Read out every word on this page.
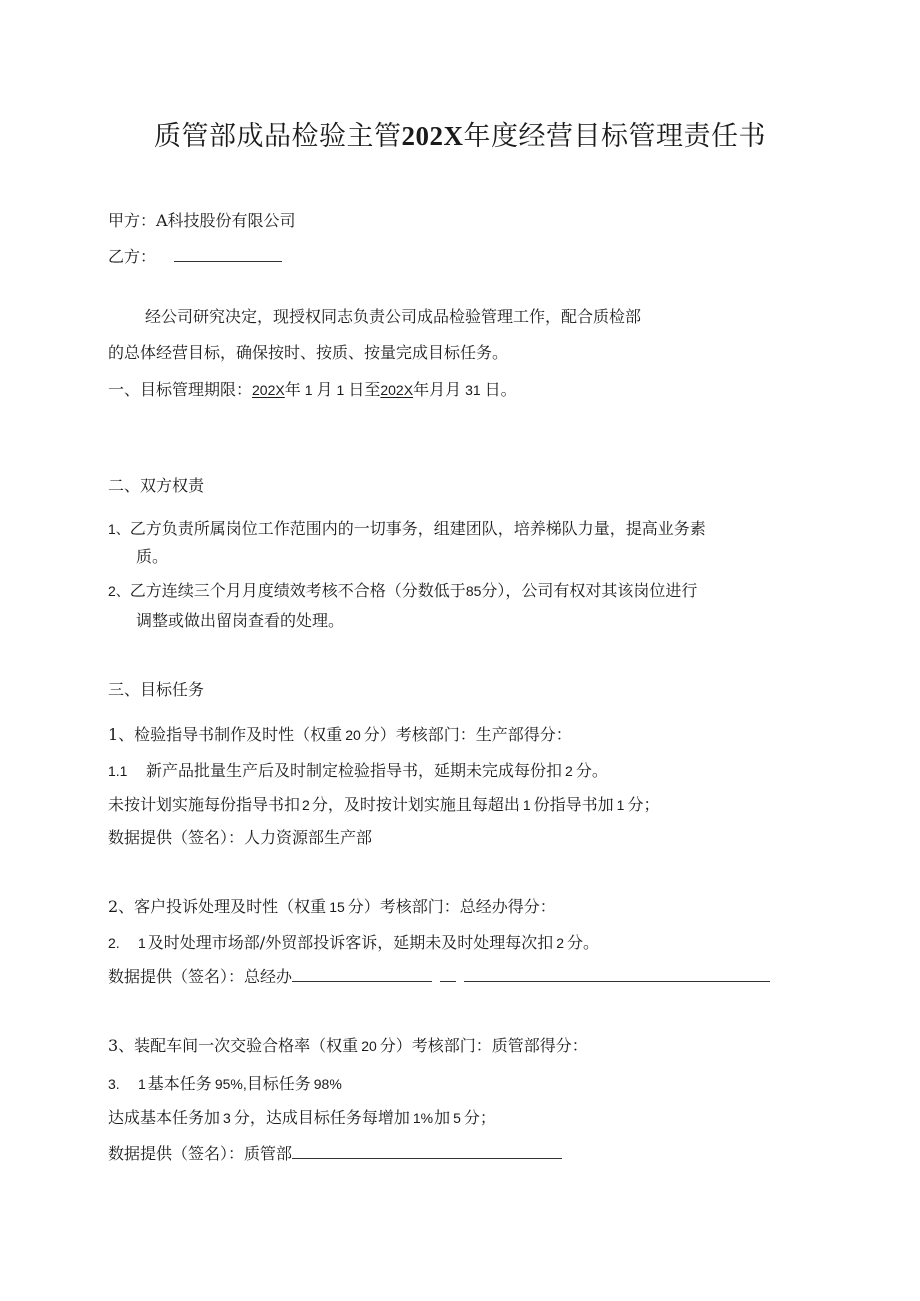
质管部成品检验主管202X年度经营目标管理责任书
甲方：A科技股份有限公司
乙方：
经公司研究决定，现授权同志负责公司成品检验管理工作，配合质检部
的总体经营目标，确保按时、按质、按量完成目标任务。
一、目标管理期限：202X年 1 月 1 日至202X年月月 31 日。
二、双方权责
1、乙方负责所属岗位工作范围内的一切事务，组建团队，培养梯队力量，提高业务素
质。
2、乙方连续三个月月度绩效考核不合格（分数低于85分），公司有权对其该岗位进行
调整或做出留岗查看的处理。
三、目标任务
1、检验指导书制作及时性（权重 20 分）考核部门：生产部得分：
1.1 新产品批量生产后及时制定检验指导书，延期未完成每份扣 2 分。
未按计划实施每份指导书扣 2 分，及时按计划实施且每超出 1 份指导书加 1 分；
数据提供（签名）：人力资源部生产部
2、客户投诉处理及时性（权重 15 分）考核部门：总经办得分：
2. 1 及时处理市场部/外贸部投诉客诉，延期未及时处理每次扣 2 分。
数据提供（签名）：总经办
3、装配车间一次交验合格率（权重 20 分）考核部门：质管部得分：
3. 1 基本任务 95%,目标任务 98%
达成基本任务加 3 分，达成目标任务每增加 1%加 5 分；
数据提供（签名）：质管部
